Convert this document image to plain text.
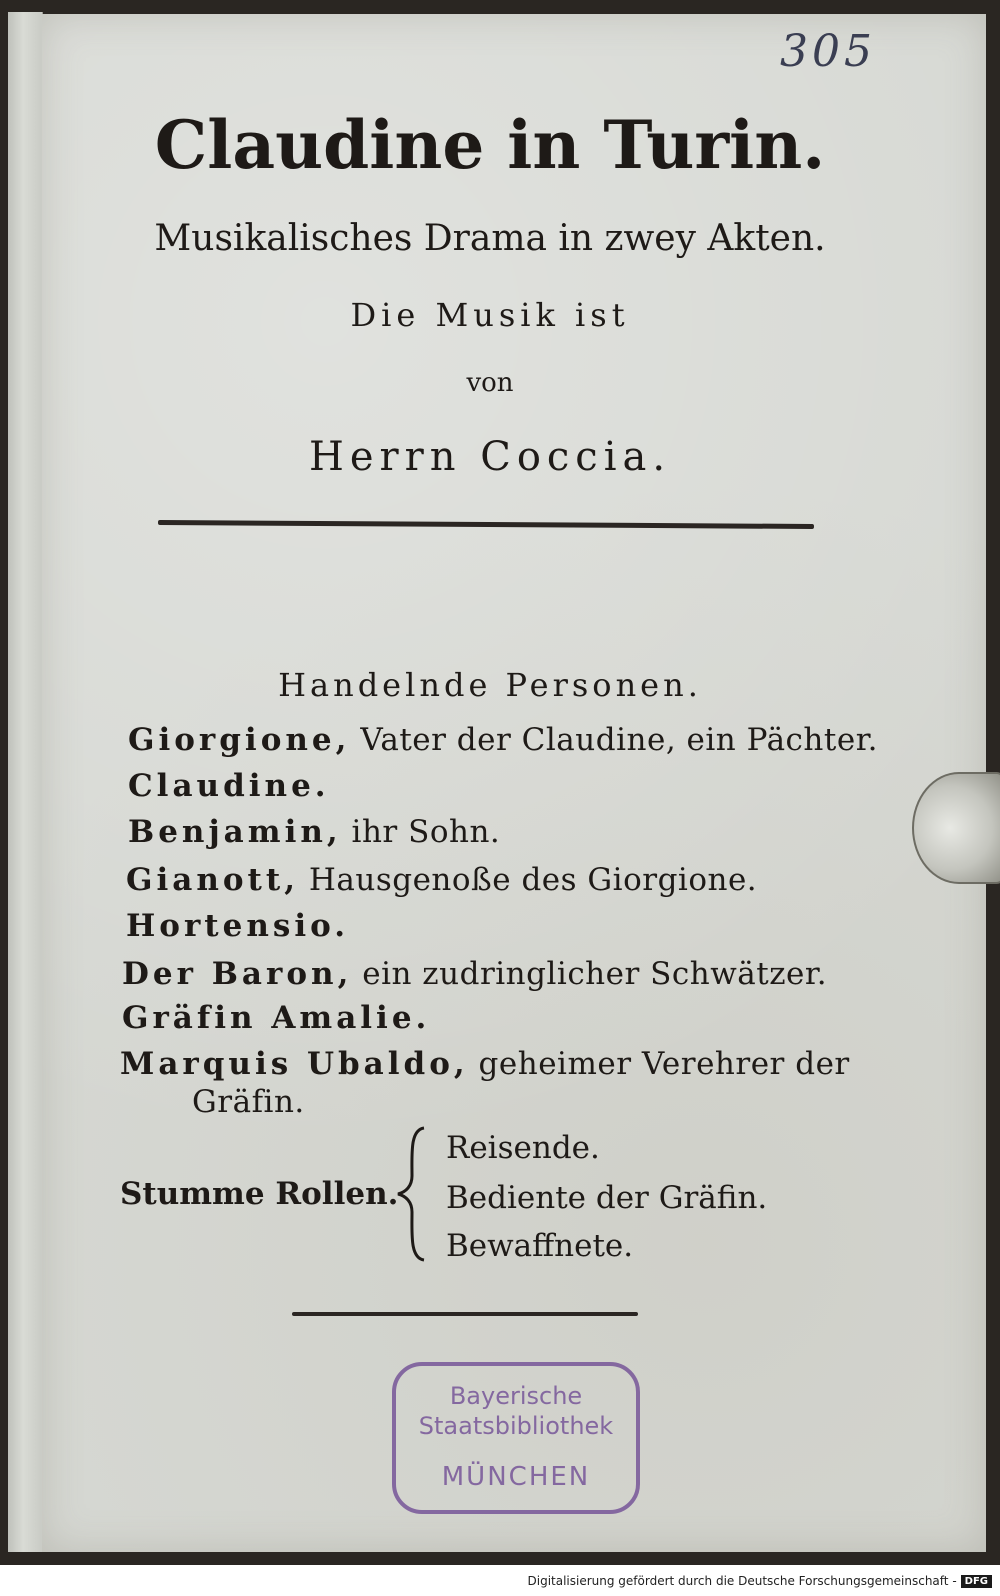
305
Claudine in Turin.
Musikalisches Drama in zwey Akten.
Die Musik ist
von
Herrn Coccia.
Handelnde Personen.
Giorgione, Vater der Claudine, ein Pächter.
Claudine.
Benjamin, ihr Sohn.
Gianott, Hausgenoße des Giorgione.
Hortensio.
Der Baron, ein zudringlicher Schwätzer.
Gräfin Amalie.
Marquis Ubaldo, geheimer Verehrer der
Gräfin.
Stumme Rollen.
Reisende.
Bediente der Gräfin.
Bewaffnete.
Bayerische
Staatsbibliothek
MÜNCHEN
Digitalisierung gefördert durch die Deutsche Forschungsgemeinschaft - DFG
